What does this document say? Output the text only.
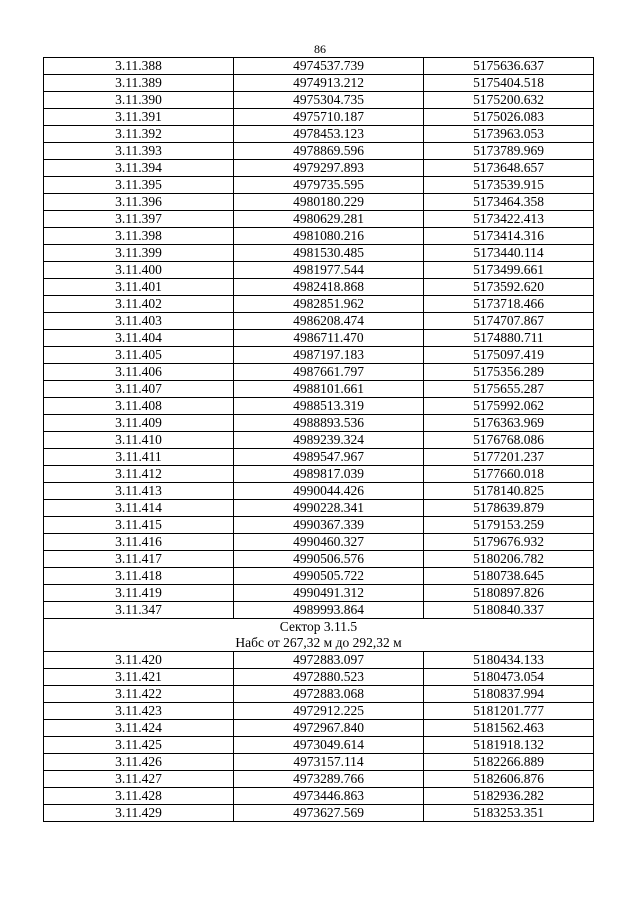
86
3.11.388	4974537.739	5175636.637
3.11.389	4974913.212	5175404.518
3.11.390	4975304.735	5175200.632
3.11.391	4975710.187	5175026.083
3.11.392	4978453.123	5173963.053
3.11.393	4978869.596	5173789.969
3.11.394	4979297.893	5173648.657
3.11.395	4979735.595	5173539.915
3.11.396	4980180.229	5173464.358
3.11.397	4980629.281	5173422.413
3.11.398	4981080.216	5173414.316
3.11.399	4981530.485	5173440.114
3.11.400	4981977.544	5173499.661
3.11.401	4982418.868	5173592.620
3.11.402	4982851.962	5173718.466
3.11.403	4986208.474	5174707.867
3.11.404	4986711.470	5174880.711
3.11.405	4987197.183	5175097.419
3.11.406	4987661.797	5175356.289
3.11.407	4988101.661	5175655.287
3.11.408	4988513.319	5175992.062
3.11.409	4988893.536	5176363.969
3.11.410	4989239.324	5176768.086
3.11.411	4989547.967	5177201.237
3.11.412	4989817.039	5177660.018
3.11.413	4990044.426	5178140.825
3.11.414	4990228.341	5178639.879
3.11.415	4990367.339	5179153.259
3.11.416	4990460.327	5179676.932
3.11.417	4990506.576	5180206.782
3.11.418	4990505.722	5180738.645
3.11.419	4990491.312	5180897.826
3.11.347	4989993.864	5180840.337

Сектор 3.11.5
Набс от 267,32 м до 292,32 м		

3.11.420	4972883.097	5180434.133
3.11.421	4972880.523	5180473.054
3.11.422	4972883.068	5180837.994
3.11.423	4972912.225	5181201.777
3.11.424	4972967.840	5181562.463
3.11.425	4973049.614	5181918.132
3.11.426	4973157.114	5182266.889
3.11.427	4973289.766	5182606.876
3.11.428	4973446.863	5182936.282
3.11.429	4973627.569	5183253.351
